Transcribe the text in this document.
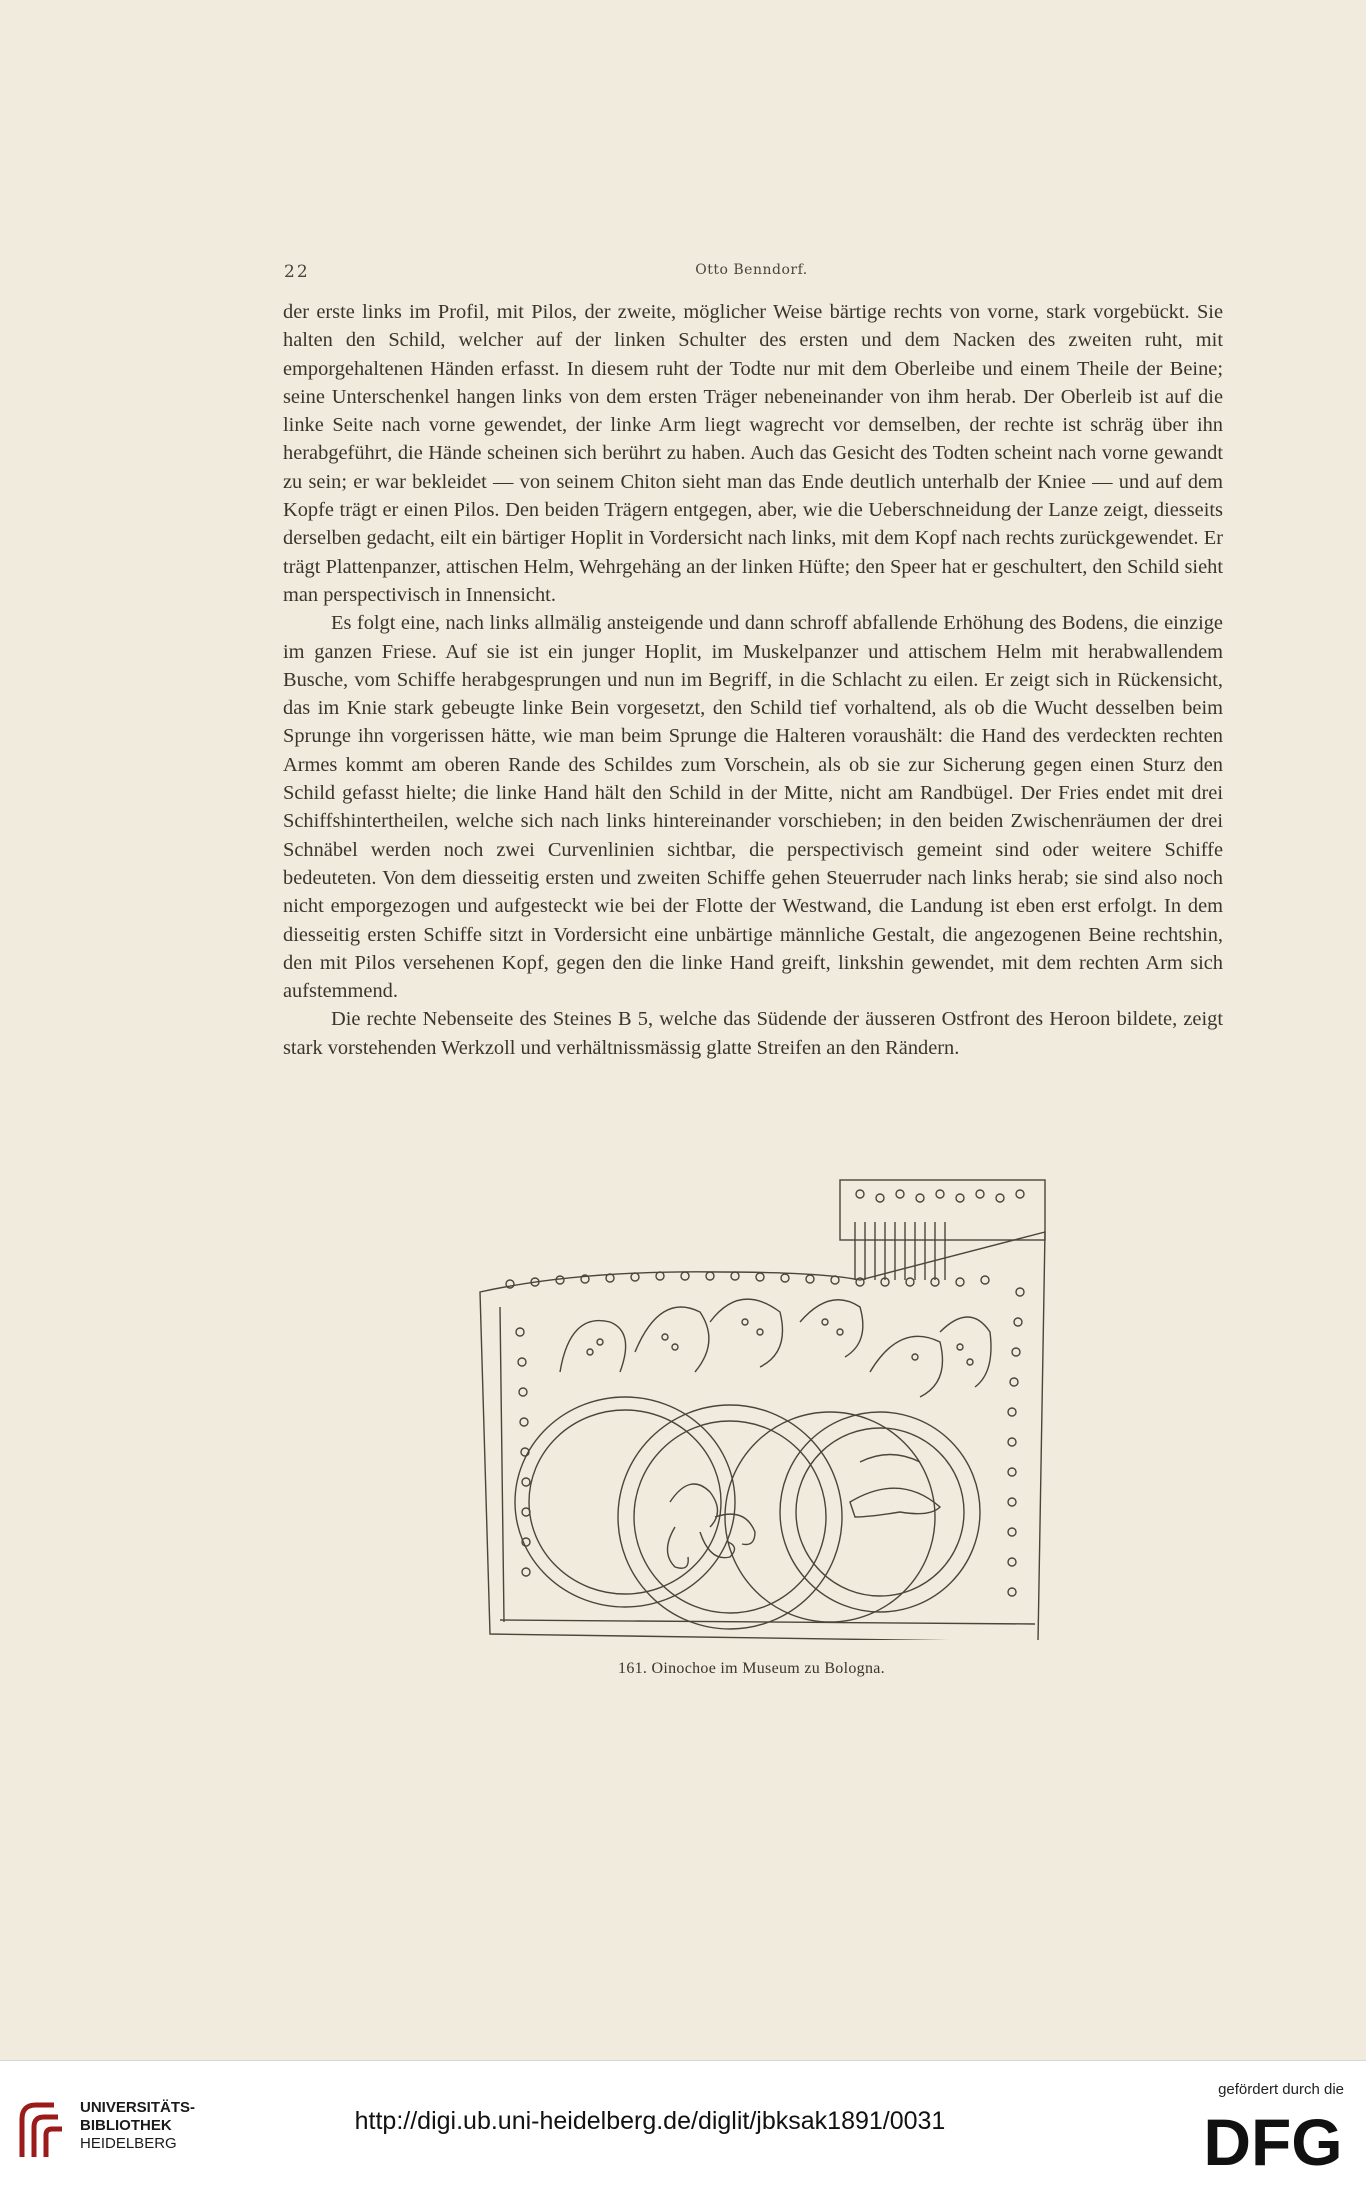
22	Otto Benndorf.

der erste links im Profil, mit Pilos, der zweite, möglicher Weise bärtige rechts von vorne, stark vorgebückt. Sie halten den Schild, welcher auf der linken Schulter des ersten und dem Nacken des zweiten ruht, mit emporgehaltenen Händen erfasst. In diesem ruht der Todte nur mit dem Oberleibe und einem Theile der Beine; seine Unterschenkel hangen links von dem ersten Träger nebeneinander von ihm herab. Der Oberleib ist auf die linke Seite nach vorne gewendet, der linke Arm liegt wagrecht vor demselben, der rechte ist schräg über ihn herabgeführt, die Hände scheinen sich berührt zu haben. Auch das Gesicht des Todten scheint nach vorne gewandt zu sein; er war bekleidet — von seinem Chiton sieht man das Ende deutlich unterhalb der Kniee — und auf dem Kopfe trägt er einen Pilos. Den beiden Trägern entgegen, aber, wie die Ueberschneidung der Lanze zeigt, diesseits derselben gedacht, eilt ein bärtiger Hoplit in Vordersicht nach links, mit dem Kopf nach rechts zurückgewendet. Er trägt Plattenpanzer, attischen Helm, Wehrgehäng an der linken Hüfte; den Speer hat er geschultert, den Schild sieht man perspectivisch in Innensicht.

Es folgt eine, nach links allmälig ansteigende und dann schroff abfallende Erhöhung des Bodens, die einzige im ganzen Friese. Auf sie ist ein junger Hoplit, im Muskelpanzer und attischem Helm mit herabwallendem Busche, vom Schiffe herabgesprungen und nun im Begriff, in die Schlacht zu eilen. Er zeigt sich in Rückensicht, das im Knie stark gebeugte linke Bein vorgesetzt, den Schild tief vorhaltend, als ob die Wucht desselben beim Sprunge ihn vorgerissen hätte, wie man beim Sprunge die Halteren voraushält: die Hand des verdeckten rechten Armes kommt am oberen Rande des Schildes zum Vorschein, als ob sie zur Sicherung gegen einen Sturz den Schild gefasst hielte; die linke Hand hält den Schild in der Mitte, nicht am Randbügel. Der Fries endet mit drei Schiffshintertheilen, welche sich nach links hintereinander vorschieben; in den beiden Zwischenräumen der drei Schnäbel werden noch zwei Curvenlinien sichtbar, die perspectivisch gemeint sind oder weitere Schiffe bedeuteten. Von dem diesseitig ersten und zweiten Schiffe gehen Steuerruder nach links herab; sie sind also noch nicht emporgezogen und aufgesteckt wie bei der Flotte der Westwand, die Landung ist eben erst erfolgt. In dem diesseitig ersten Schiffe sitzt in Vordersicht eine unbärtige männliche Gestalt, die angezogenen Beine rechtshin, den mit Pilos versehenen Kopf, gegen den die linke Hand greift, linkshin gewendet, mit dem rechten Arm sich aufstemmend.

Die rechte Nebenseite des Steines B 5, welche das Südende der äusseren Ostfront des Heroon bildete, zeigt stark vorstehenden Werkzoll und verhältnissmässig glatte Streifen an den Rändern.

161. Oinochoe im Museum zu Bologna.
UNIVERSITÄTS-
BIBLIOTHEK
HEIDELBERG
http://digi.ub.uni-heidelberg.de/diglit/jbksak1891/0031
gefördert durch die
DFG
